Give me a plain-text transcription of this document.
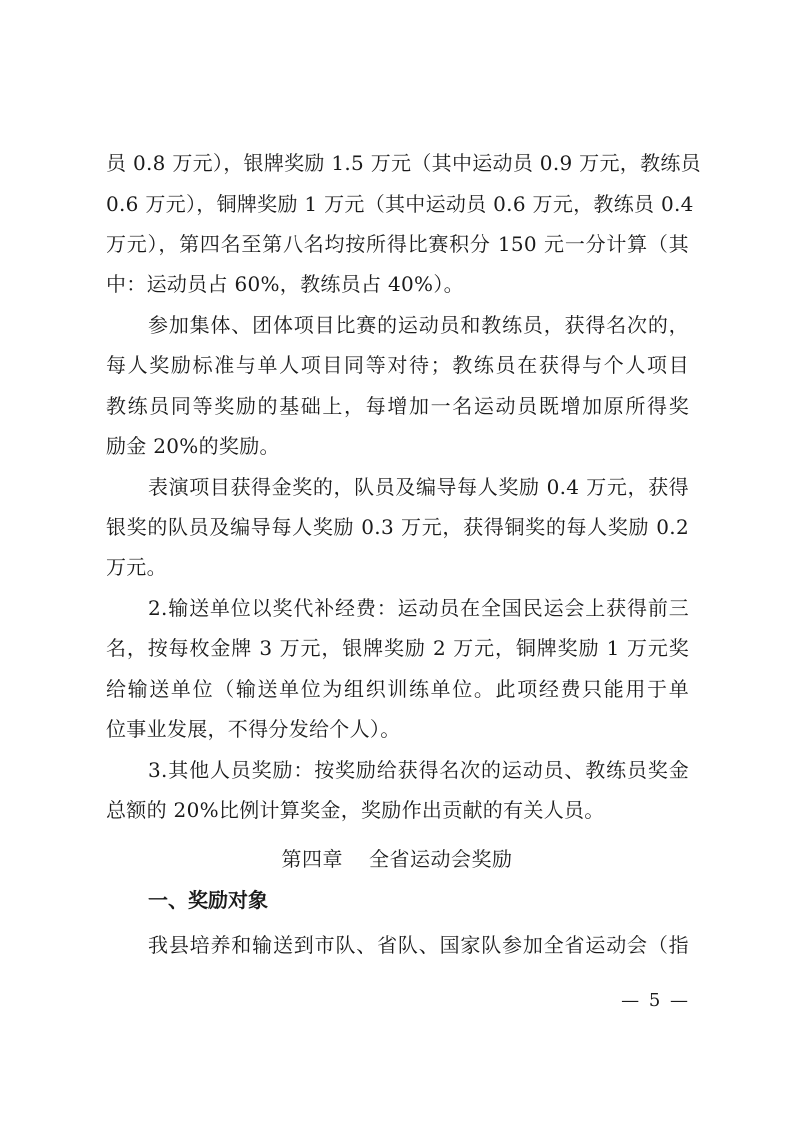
员 0.8 万元），银牌奖励 1.5 万元（其中运动员 0.9 万元，教练员
0.6 万元），铜牌奖励 1 万元（其中运动员 0.6 万元，教练员 0.4
万元），第四名至第八名均按所得比赛积分 150 元一分计算（其
中：运动员占 60%，教练员占 40%）。
参加集体、团体项目比赛的运动员和教练员，获得名次的，
每人奖励标准与单人项目同等对待；教练员在获得与个人项目
教练员同等奖励的基础上，每增加一名运动员既增加原所得奖
励金 20%的奖励。
表演项目获得金奖的，队员及编导每人奖励 0.4 万元，获得
银奖的队员及编导每人奖励 0.3 万元，获得铜奖的每人奖励 0.2
万元。
2.输送单位以奖代补经费：运动员在全国民运会上获得前三
名，按每枚金牌 3 万元，银牌奖励 2 万元，铜牌奖励 1 万元奖
给输送单位（输送单位为组织训练单位。此项经费只能用于单
位事业发展，不得分发给个人）。
3.其他人员奖励：按奖励给获得名次的运动员、教练员奖金
总额的 20%比例计算奖金，奖励作出贡献的有关人员。
第四章 全省运动会奖励
一、奖励对象
我县培养和输送到市队、省队、国家队参加全省运动会（指
— 5 —
